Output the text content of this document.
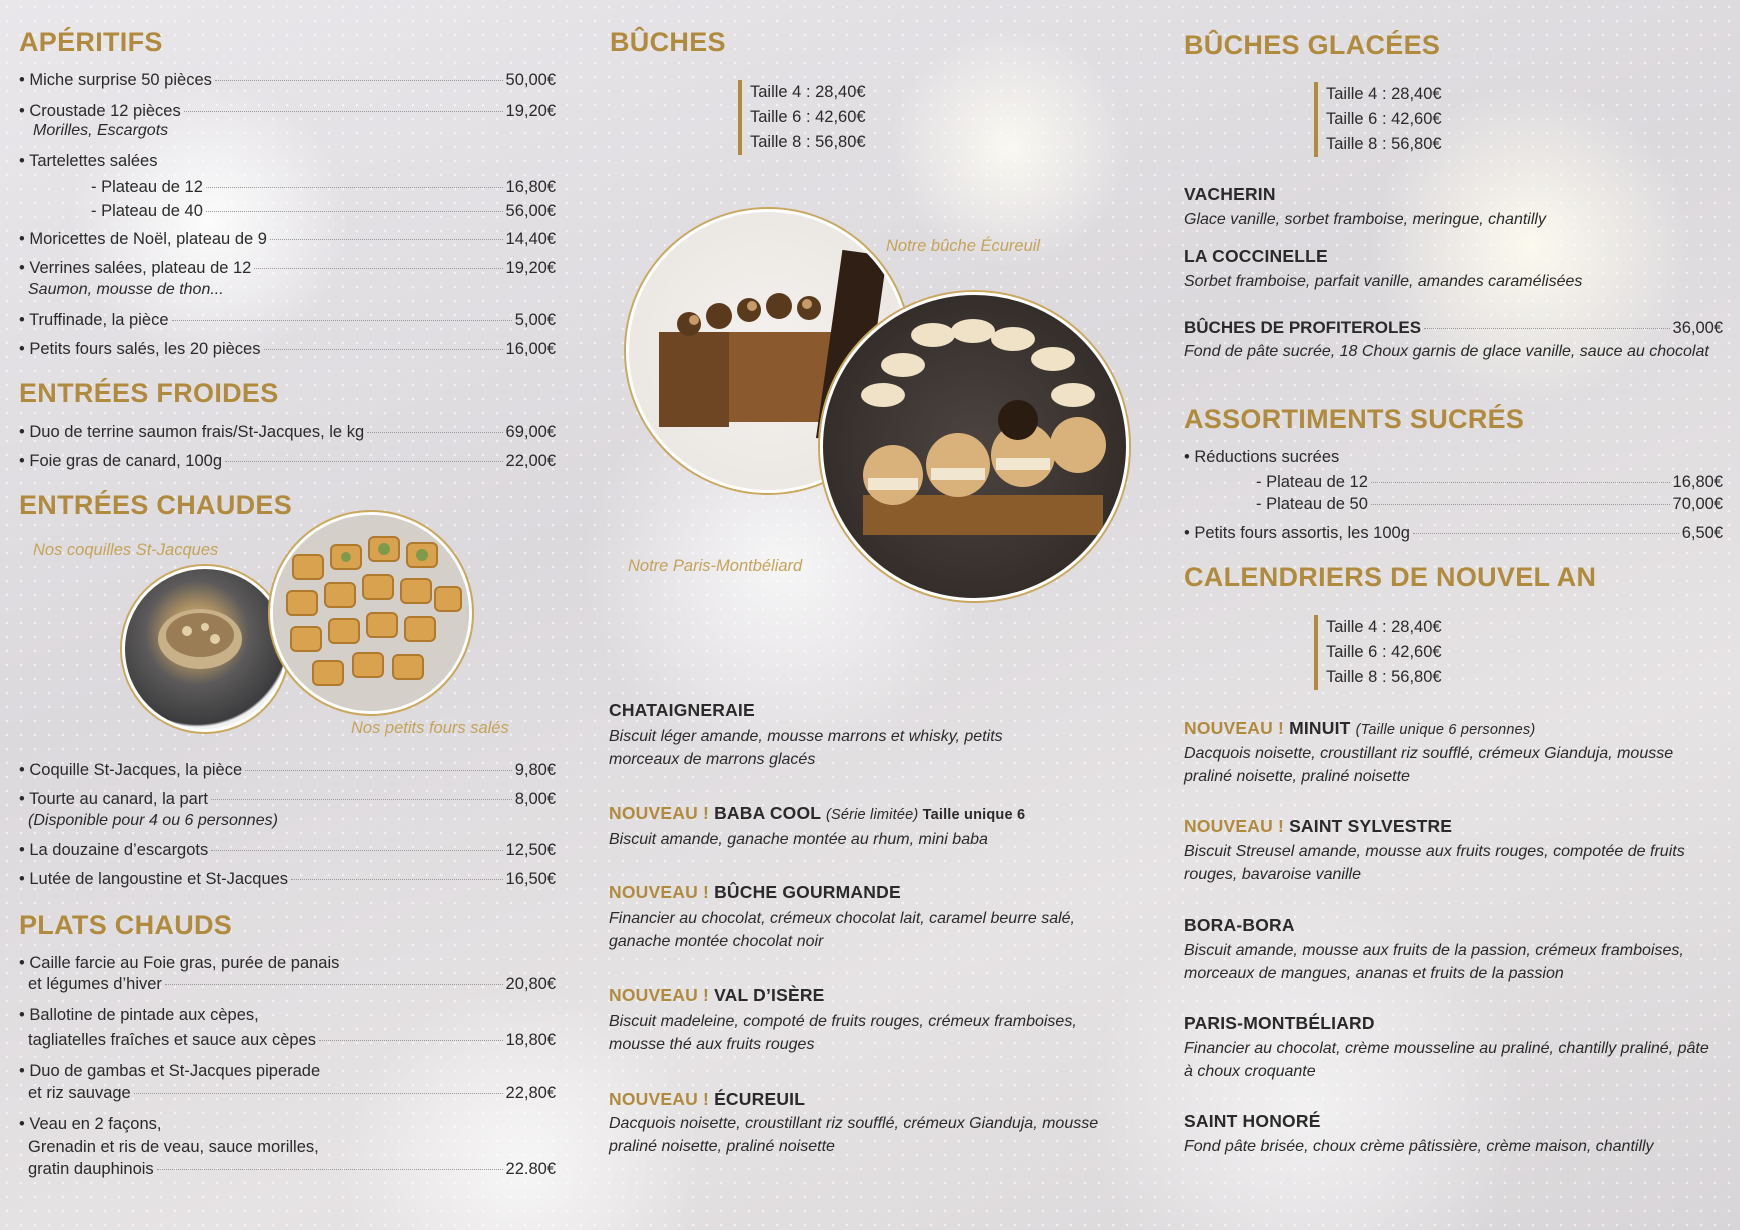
APÉRITIFS
• Miche surprise 50 pièces	50,00€
• Croustade 12 pièces	19,20€
Morilles, Escargots
• Tartelettes salées
- Plateau de 12	16,80€
- Plateau de 40	56,00€
• Moricettes de Noël, plateau de 9	14,40€
• Verrines salées, plateau de 12	19,20€
Saumon, mousse de thon...
• Truffinade, la pièce	5,00€
• Petits fours salés, les 20 pièces	16,00€
ENTRÉES FROIDES
• Duo de terrine saumon frais/St-Jacques, le kg	69,00€
• Foie gras de canard, 100g	22,00€
ENTRÉES CHAUDES
Nos coquilles St-Jacques
Nos petits fours salés
• Coquille St-Jacques, la pièce	9,80€
• Tourte au canard, la part	8,00€
(Disponible pour 4 ou 6 personnes)
• La douzaine d’escargots	12,50€
• Lutée de langoustine et St-Jacques	16,50€
PLATS CHAUDS
• Caille farcie au Foie gras, purée de panais
et légumes d’hiver	20,80€
• Ballotine de pintade aux cèpes,
tagliatelles fraîches et sauce aux cèpes	18,80€
• Duo de gambas et St-Jacques piperade
et riz sauvage	22,80€
• Veau en 2 façons,
Grenadin et ris de veau, sauce morilles,
gratin dauphinois	22.80€
BÛCHES
Taille 4 : 28,40€
Taille 6 : 42,60€
Taille 8 : 56,80€
Notre bûche Écureuil
Notre Paris-Montbéliard
CHATAIGNERAIE
Biscuit léger amande, mousse marrons et whisky, petits morceaux de marrons glacés
NOUVEAU ! BABA COOL (Série limitée) Taille unique 6
Biscuit amande, ganache montée au rhum, mini baba
NOUVEAU ! BÛCHE GOURMANDE
Financier au chocolat, crémeux chocolat lait, caramel beurre salé, ganache montée chocolat noir
NOUVEAU ! VAL D’ISÈRE
Biscuit madeleine, compoté de fruits rouges, crémeux framboises, mousse thé aux fruits rouges
NOUVEAU ! ÉCUREUIL
Dacquois noisette, croustillant riz soufflé, crémeux Gianduja, mousse praliné noisette, praliné noisette
BÛCHES GLACÉES
Taille 4 : 28,40€
Taille 6 : 42,60€
Taille 8 : 56,80€
VACHERIN
Glace vanille, sorbet framboise, meringue, chantilly
LA COCCINELLE
Sorbet framboise, parfait vanille, amandes caramélisées
BÛCHES DE PROFITEROLES	36,00€
Fond de pâte sucrée, 18 Choux garnis de glace vanille, sauce au chocolat
ASSORTIMENTS SUCRÉS
• Réductions sucrées
- Plateau de 12	16,80€
- Plateau de 50	70,00€
• Petits fours assortis, les 100g	6,50€
CALENDRIERS DE NOUVEL AN
Taille 4 : 28,40€
Taille 6 : 42,60€
Taille 8 : 56,80€
NOUVEAU ! MINUIT (Taille unique 6 personnes)
Dacquois noisette, croustillant riz soufflé, crémeux Gianduja, mousse praliné noisette, praliné noisette
NOUVEAU ! SAINT SYLVESTRE
Biscuit Streusel amande, mousse aux fruits rouges, compotée de fruits rouges, bavaroise vanille
BORA-BORA
Biscuit amande, mousse aux fruits de la passion, crémeux framboises, morceaux de mangues, ananas et fruits de la passion
PARIS-MONTBÉLIARD
Financier au chocolat, crème mousseline au praliné, chantilly praliné, pâte à choux croquante
SAINT HONORÉ
Fond pâte brisée, choux crème pâtissière, crème maison, chantilly
